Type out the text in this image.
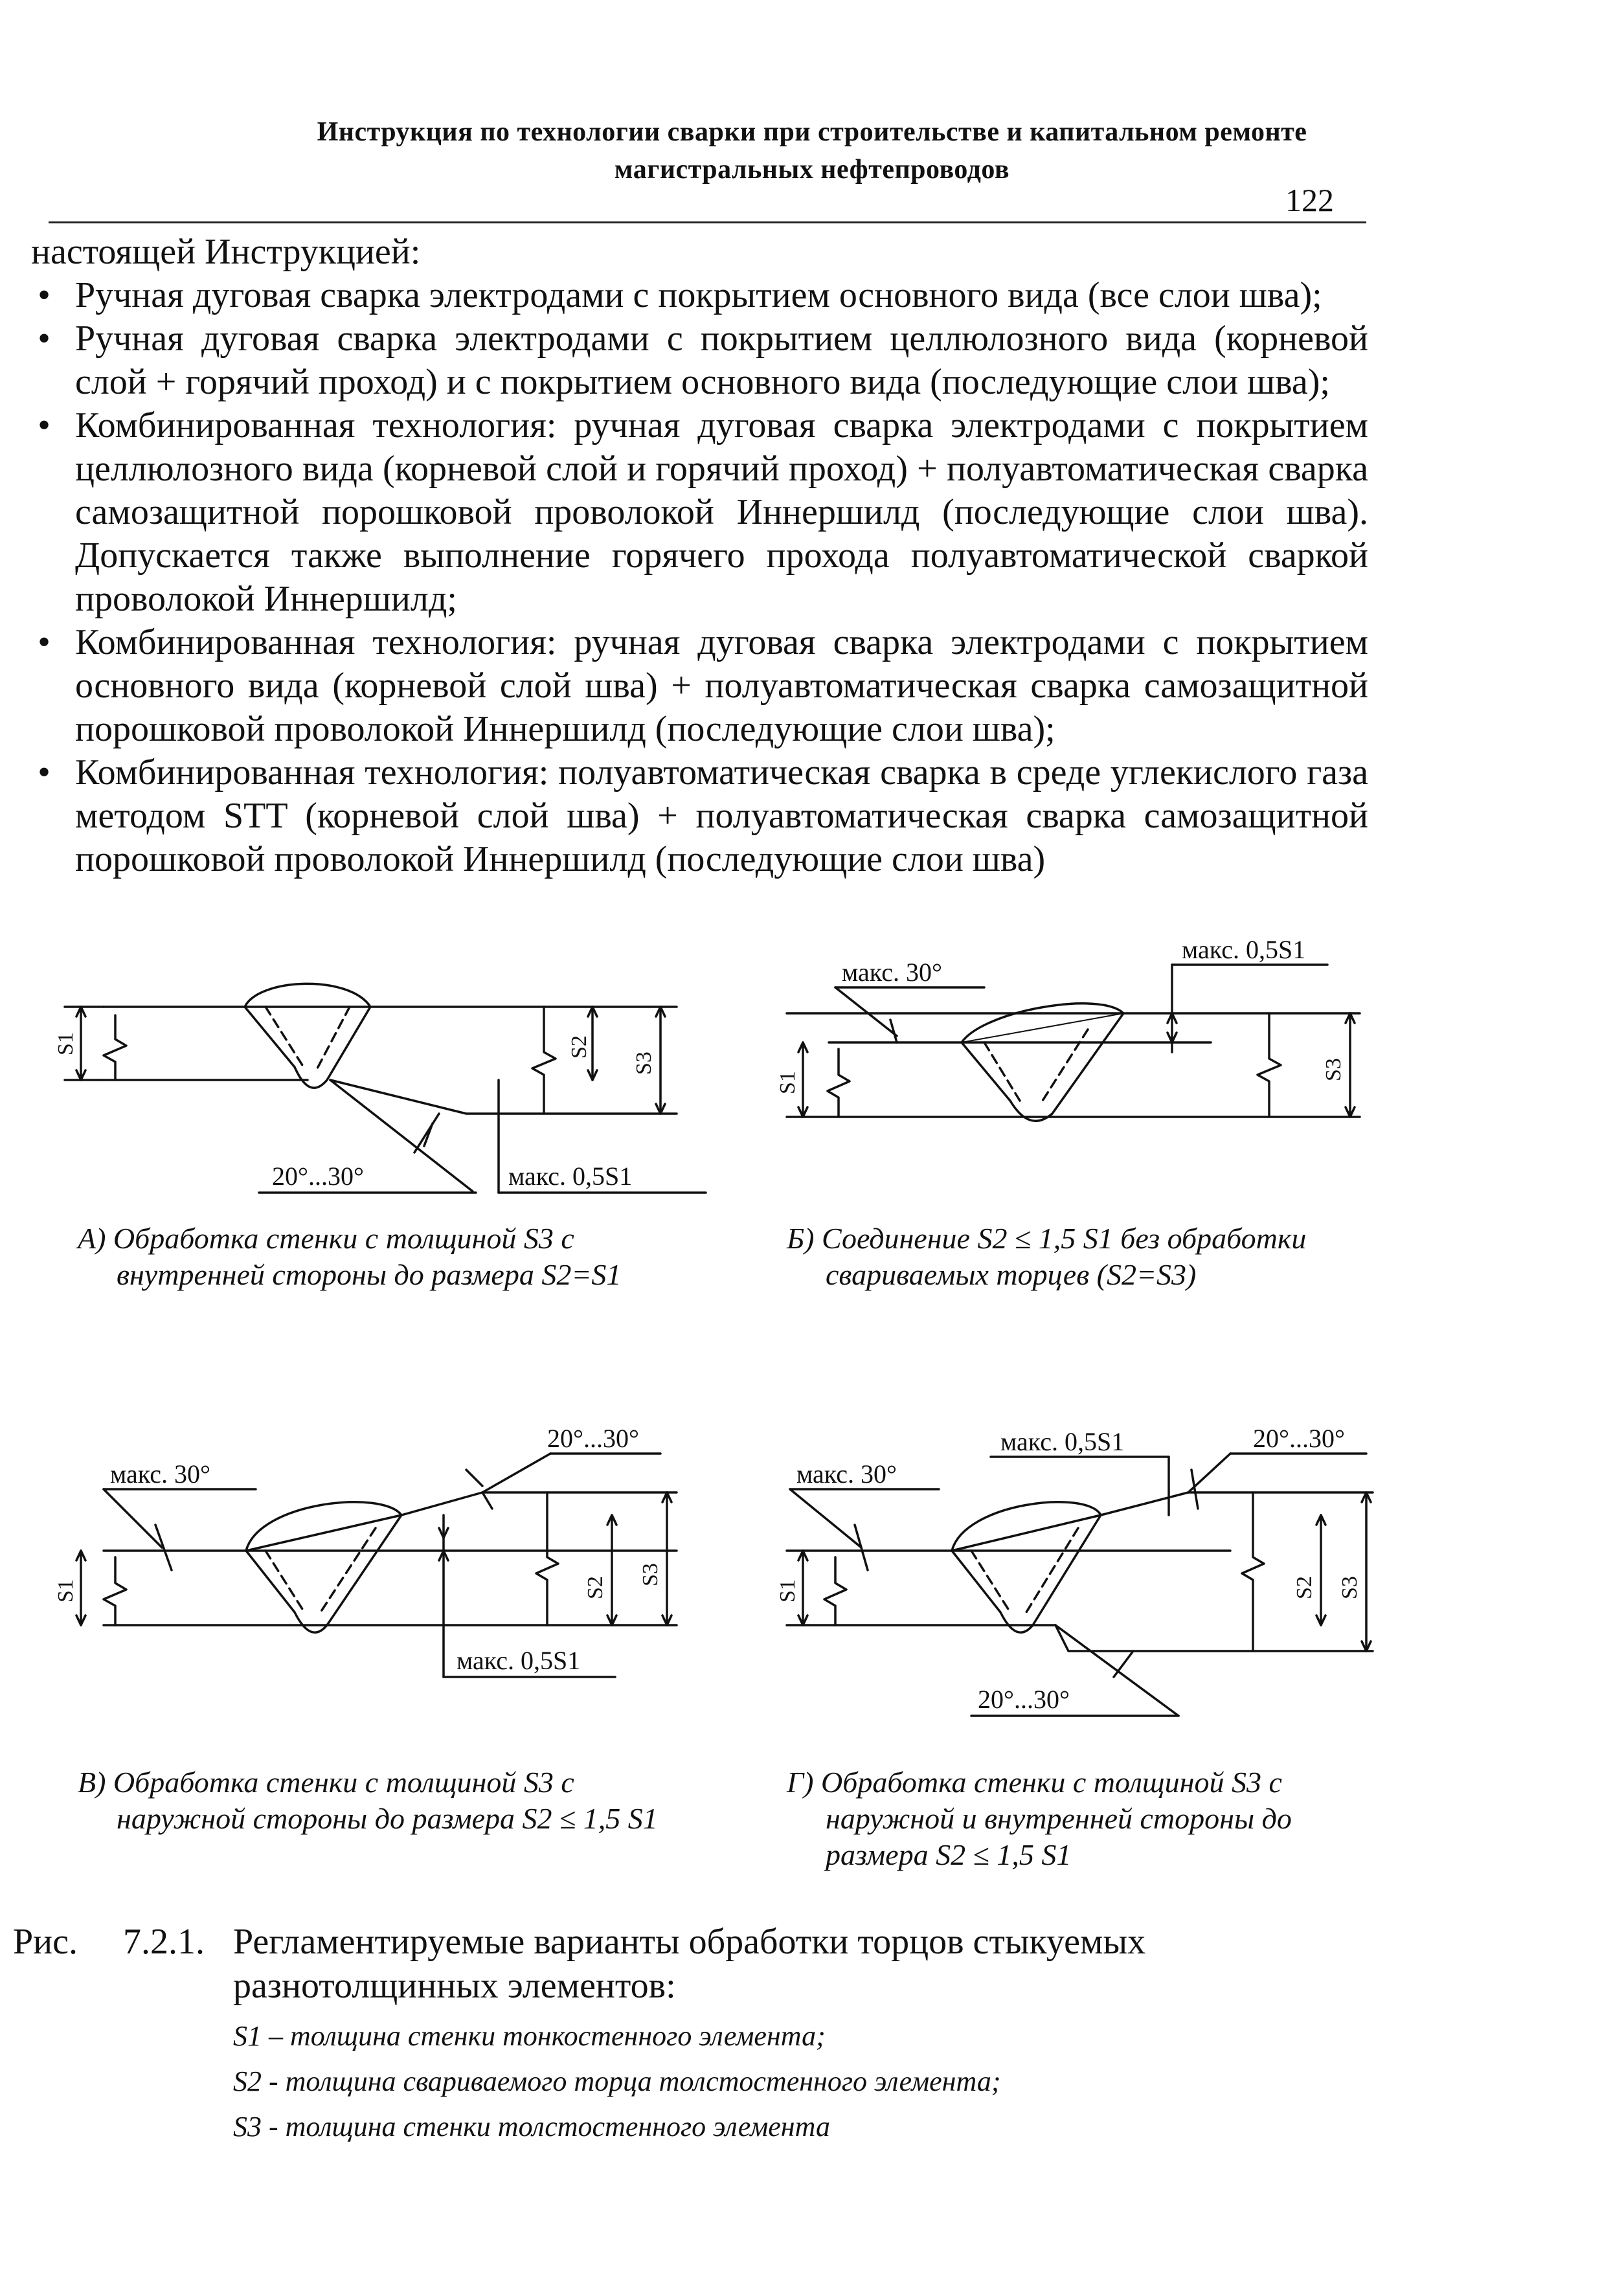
Инструкция по технологии сварки при строительстве и капитальном ремонте
магистральных нефтепроводов
122
настоящей Инструкцией:
• Ручная дуговая сварка электродами с покрытием основного вида (все слои шва);
• Ручная дуговая сварка электродами с покрытием целлюлозного вида (корневой слой + горячий проход) и с покрытием основного вида (последующие слои шва);
• Комбинированная технология: ручная дуговая сварка электродами с покрытием целлюлозного вида (корневой слой и горячий проход) + полуавтоматическая сварка самозащитной порошковой проволокой Иннершилд (последующие слои шва). Допускается также выполнение горячего прохода полуавтоматической сваркой проволокой Иннершилд;
• Комбинированная технология: ручная дуговая сварка электродами с покрытием основного вида (корневой слой шва) + полуавтоматическая сварка самозащитной порошковой проволокой Иннершилд (последующие слои шва);
• Комбинированная технология: полуавтоматическая сварка в среде углекислого газа методом STT (корневой слой шва) + полуавтоматическая сварка самозащитной порошковой проволокой Иннершилд (последующие слои шва)
S1	S2
S3
20°...30°	макс. 0,5S1
S1
S3
макс. 30°
макс. 0,5S1
S1	S2
S3
макс. 30°
20°...30°
макс. 0,5S1
S1	S2 S3
макс. 30°
макс. 0,5S1	20°...30°
20°...30°
А) Обработка стенки с толщиной S3 с
внутренней стороны до размера S2=S1
Б) Соединение S2 ≤ 1,5 S1 без обработки
свариваемых торцев (S2=S3)
В) Обработка стенки с толщиной S3 с
наружной стороны до размера S2 ≤ 1,5 S1
Г) Обработка стенки с толщиной S3 с
наружной и внутренней стороны до
размера S2 ≤ 1,5 S1
Рис. 7.2.1. Регламентируемые варианты обработки торцов стыкуемых
разнотолщинных элементов:
S1 – толщина стенки тонкостенного элемента;
S2 - толщина свариваемого торца толстостенного элемента;
S3 - толщина стенки толстостенного элемента
